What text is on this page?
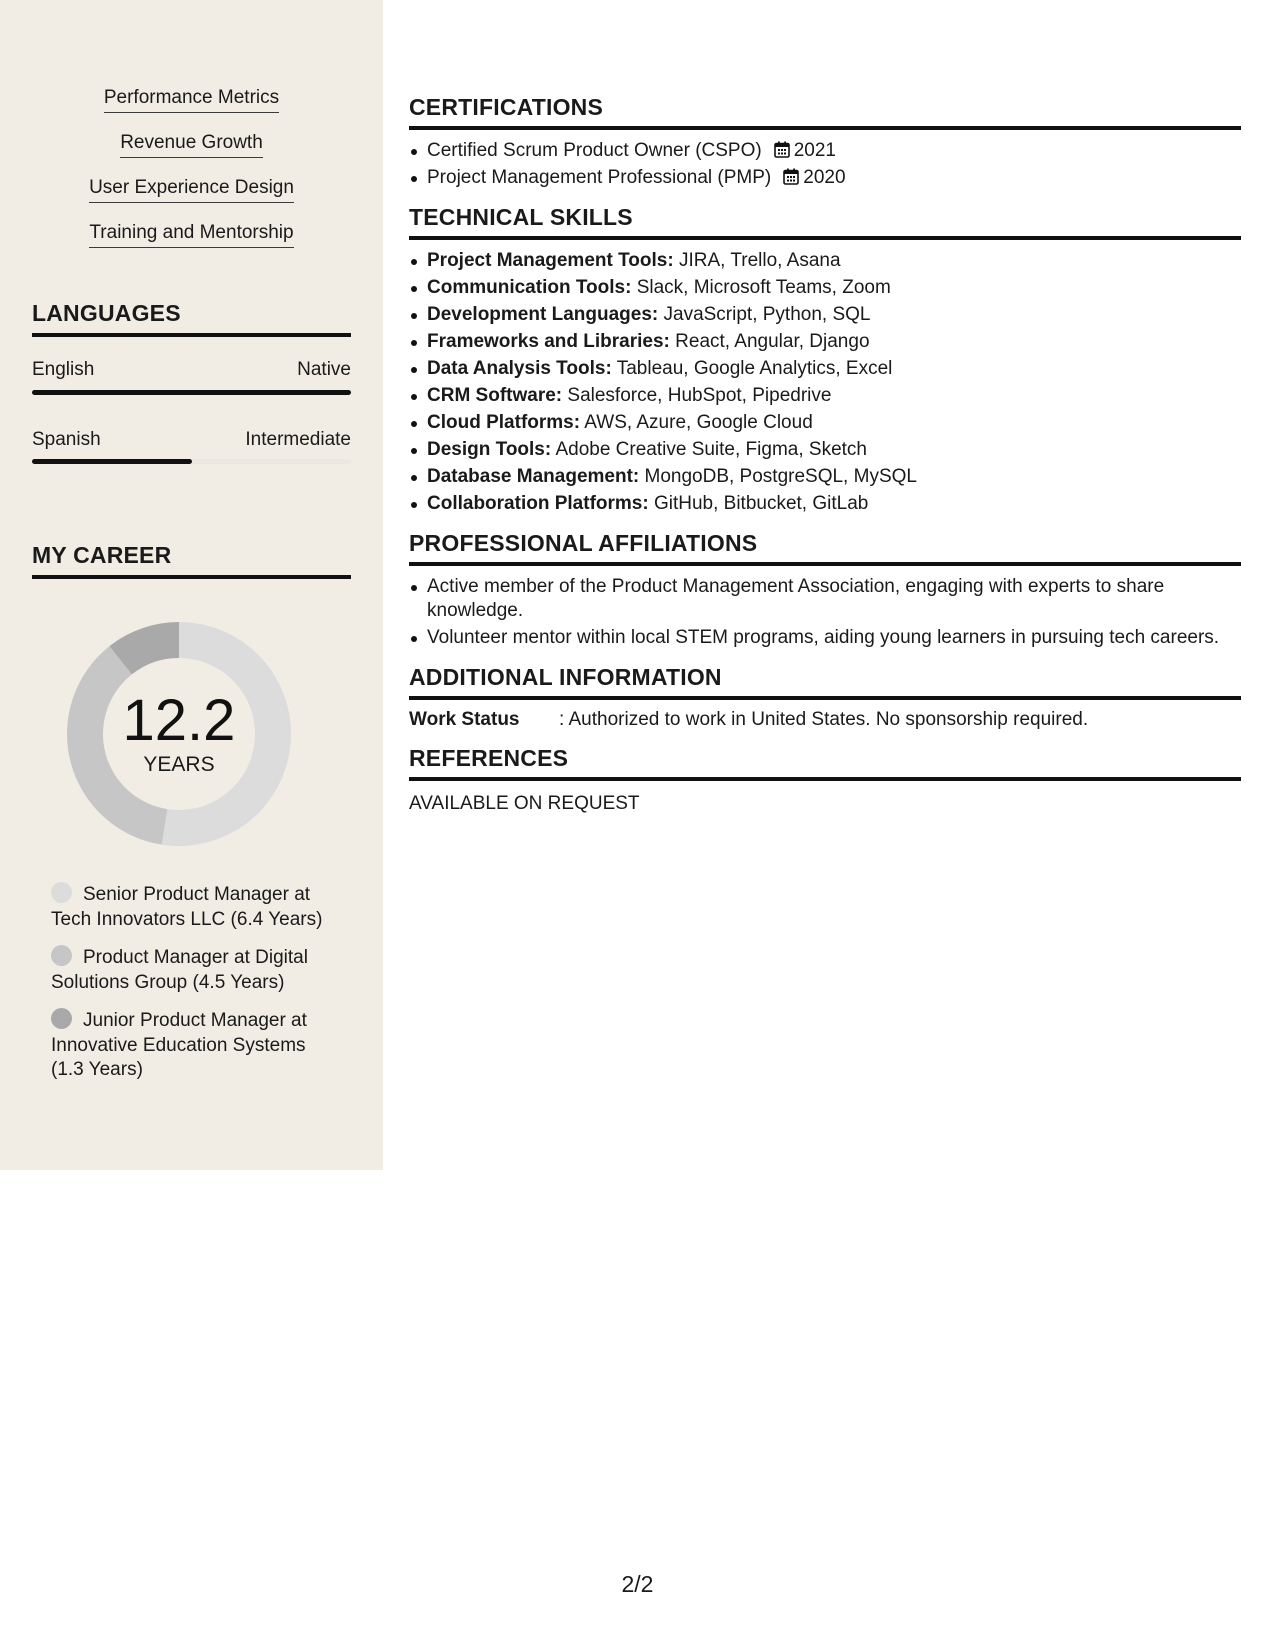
Performance Metrics
Revenue Growth
User Experience Design
Training and Mentorship
LANGUAGES
English	Native
Spanish	Intermediate
MY CAREER
12.2
YEARS
Senior Product Manager at Tech Innovators LLC (6.4 Years)
Product Manager at Digital Solutions Group (4.5 Years)
Junior Product Manager at Innovative Education Systems (1.3 Years)
CERTIFICATIONS
Certified Scrum Product Owner (CSPO) 2021
Project Management Professional (PMP) 2020
TECHNICAL SKILLS
Project Management Tools: JIRA, Trello, Asana
Communication Tools: Slack, Microsoft Teams, Zoom
Development Languages: JavaScript, Python, SQL
Frameworks and Libraries: React, Angular, Django
Data Analysis Tools: Tableau, Google Analytics, Excel
CRM Software: Salesforce, HubSpot, Pipedrive
Cloud Platforms: AWS, Azure, Google Cloud
Design Tools: Adobe Creative Suite, Figma, Sketch
Database Management: MongoDB, PostgreSQL, MySQL
Collaboration Platforms: GitHub, Bitbucket, GitLab
PROFESSIONAL AFFILIATIONS
Active member of the Product Management Association, engaging with experts to share knowledge.
Volunteer mentor within local STEM programs, aiding young learners in pursuing tech careers.
ADDITIONAL INFORMATION
Work Status	: Authorized to work in United States. No sponsorship required.
REFERENCES
AVAILABLE ON REQUEST
2/2
